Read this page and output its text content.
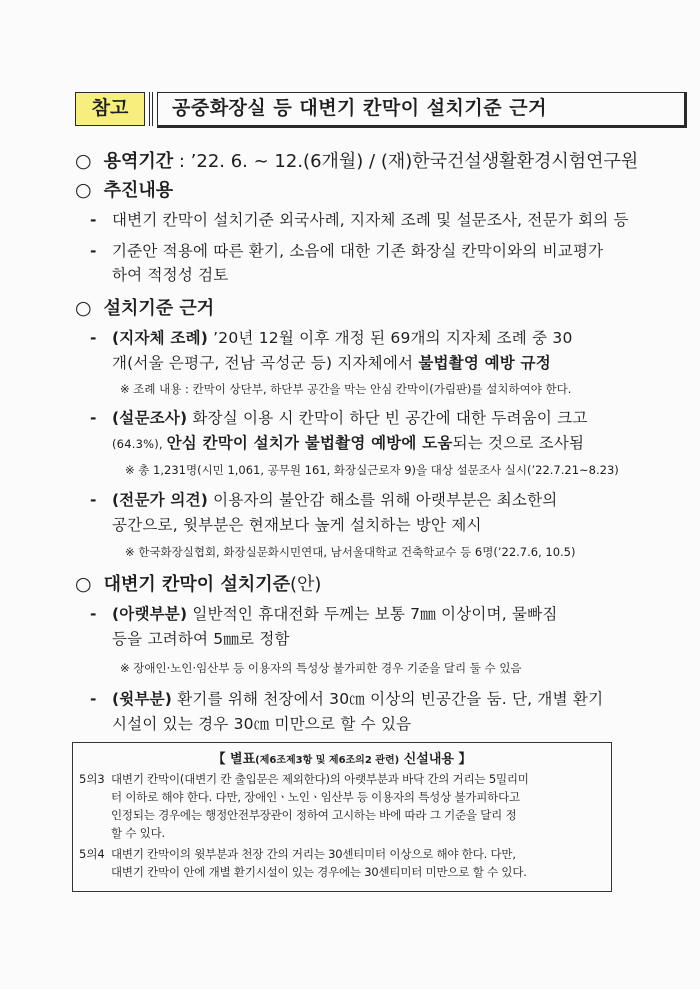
참고	공중화장실 등 대변기 칸막이 설치기준 근거
○ 용역기간 : ’22. 6. ~ 12.(6개월) / (재)한국건설생활환경시험연구원
○ 추진내용
- 대변기 칸막이 설치기준 외국사례, 지자체 조례 및 설문조사, 전문가 회의 등
- 기준안 적용에 따른 환기, 소음에 대한 기존 화장실 칸막이와의 비교평가
하여 적정성 검토
○ 설치기준 근거
- (지자체 조례) ’20년 12월 이후 개정 된 69개의 지자체 조례 중 30
개(서울 은평구, 전남 곡성군 등) 지자체에서 불법촬영 예방 규정
※ 조례 내용 : 칸막이 상단부, 하단부 공간을 막는 안심 칸막이(가림판)를 설치하여야 한다.
- (설문조사) 화장실 이용 시 칸막이 하단 빈 공간에 대한 두려움이 크고
(64.3%), 안심 칸막이 설치가 불법촬영 예방에 도움되는 것으로 조사됨
※ 총 1,231명(시민 1,061, 공무원 161, 화장실근로자 9)을 대상 설문조사 실시(’22.7.21~8.23)
- (전문가 의견) 이용자의 불안감 해소를 위해 아랫부분은 최소한의
공간으로, 윗부분은 현재보다 높게 설치하는 방안 제시
※ 한국화장실협회, 화장실문화시민연대, 남서울대학교 건축학교수 등 6명(’22.7.6, 10.5)
○ 대변기 칸막이 설치기준(안)
- (아랫부분) 일반적인 휴대전화 두께는 보통 7㎜ 이상이며, 물빠짐
등을 고려하여 5㎜로 정함
※ 장애인·노인·임산부 등 이용자의 특성상 불가피한 경우 기준을 달리 둘 수 있음
- (윗부분) 환기를 위해 천장에서 30㎝ 이상의 빈공간을 둠. 단, 개별 환기
시설이 있는 경우 30㎝ 미만으로 할 수 있음
【 별표(제6조제3항 및 제6조의2 관련) 신설내용 】
5의3 대변기 칸막이(대변기 칸 출입문은 제외한다)의 아랫부분과 바닥 간의 거리는 5밀리미
터 이하로 해야 한다. 다만, 장애인ㆍ노인ㆍ임산부 등 이용자의 특성상 불가피하다고
인정되는 경우에는 행정안전부장관이 정하여 고시하는 바에 따라 그 기준을 달리 정
할 수 있다.
5의4 대변기 칸막이의 윗부분과 천장 간의 거리는 30센티미터 이상으로 해야 한다. 다만,
대변기 칸막이 안에 개별 환기시설이 있는 경우에는 30센티미터 미만으로 할 수 있다.
